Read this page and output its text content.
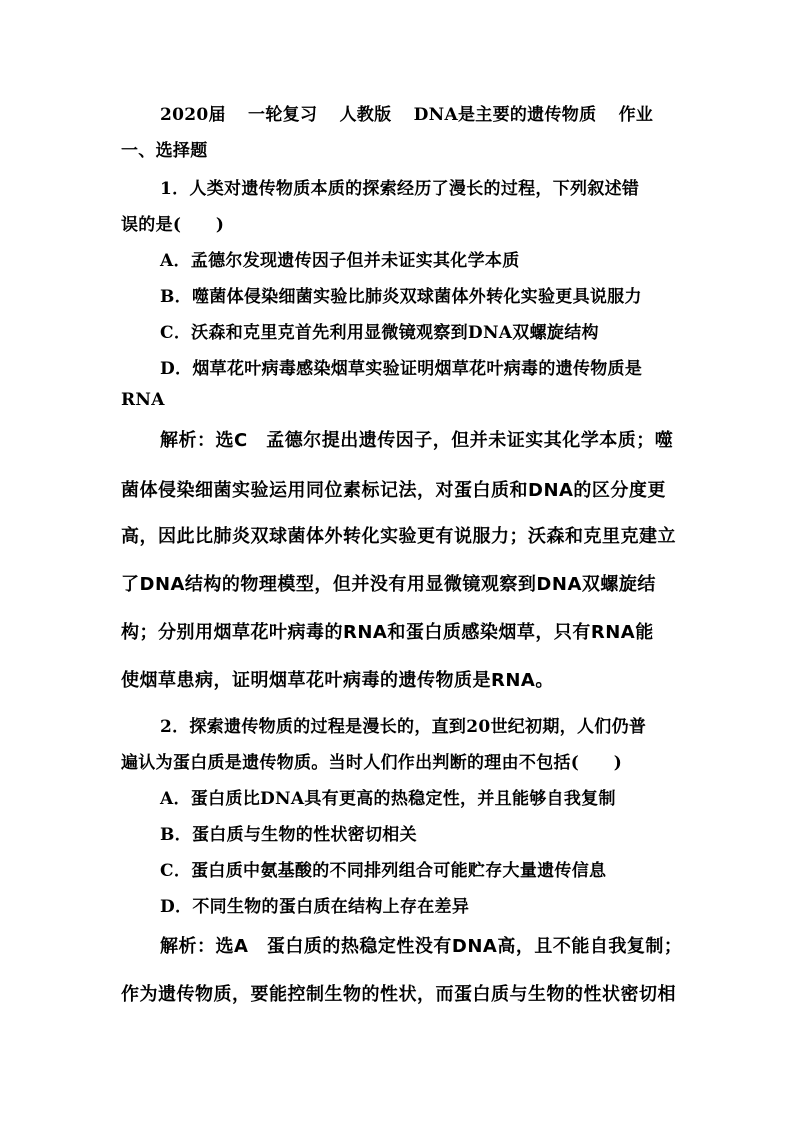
2020届 一轮复习 人教版 DNA是主要的遗传物质 作业
一、选择题
1．人类对遗传物质本质的探索经历了漫长的过程，下列叙述错
误的是(　　)
A．孟德尔发现遗传因子但并未证实其化学本质
B．噬菌体侵染细菌实验比肺炎双球菌体外转化实验更具说服力
C．沃森和克里克首先利用显微镜观察到DNA双螺旋结构
D．烟草花叶病毒感染烟草实验证明烟草花叶病毒的遗传物质是
RNA
解析：选C　孟德尔提出遗传因子，但并未证实其化学本质；噬
菌体侵染细菌实验运用同位素标记法，对蛋白质和DNA的区分度更
高，因此比肺炎双球菌体外转化实验更有说服力；沃森和克里克建立
了DNA结构的物理模型，但并没有用显微镜观察到DNA双螺旋结
构；分别用烟草花叶病毒的RNA和蛋白质感染烟草，只有RNA能
使烟草患病，证明烟草花叶病毒的遗传物质是RNA。
2．探索遗传物质的过程是漫长的，直到20世纪初期，人们仍普
遍认为蛋白质是遗传物质。当时人们作出判断的理由不包括(　　)
A．蛋白质比DNA具有更高的热稳定性，并且能够自我复制
B．蛋白质与生物的性状密切相关
C．蛋白质中氨基酸的不同排列组合可能贮存大量遗传信息
D．不同生物的蛋白质在结构上存在差异
解析：选A　蛋白质的热稳定性没有DNA高，且不能自我复制；
作为遗传物质，要能控制生物的性状，而蛋白质与生物的性状密切相
